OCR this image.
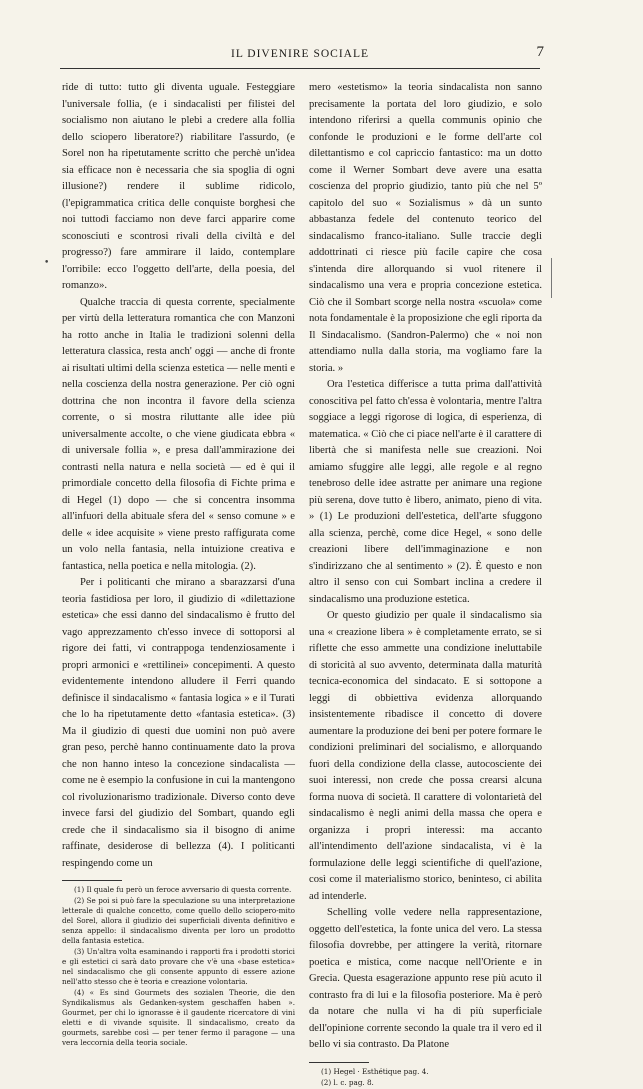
IL DIVENIRE SOCIALE	7
•

ride di tutto: tutto gli diventa uguale. Festeggiare l'universale follia, (e i sindacalisti per filistei del socialismo non aiutano le plebi a credere alla follia dello sciopero liberatore?) riabilitare l'assurdo, (e Sorel non ha ripetutamente scritto che perchè un'idea sia efficace non è necessaria che sia spoglia di ogni illusione?) rendere il sublime ridicolo, (l'epigrammatica critica delle conquiste borghesi che noi tuttodì facciamo non deve farci apparire come sconosciuti e scontrosi rivali della civiltà e del progresso?) fare ammirare il laido, contemplare l'orribile: ecco l'oggetto dell'arte, della poesia, del romanzo».

Qualche traccia di questa corrente, specialmente per virtù della letteratura romantica che con Manzoni ha rotto anche in Italia le tradizioni solenni della letteratura classica, resta anch' oggi — anche di fronte ai risultati ultimi della scienza estetica — nelle menti e nella coscienza della nostra generazione. Per ciò ogni dottrina che non incontra il favore della scienza corrente, o si mostra riluttante alle idee più universalmente accolte, o che viene giudicata ebbra « di universale follia », e presa dall'ammirazione dei contrasti nella natura e nella società — ed è qui il primordiale concetto della filosofia di Fichte prima e di Hegel (1) dopo — che si concentra insomma all'infuori della abituale sfera del « senso comune » e delle « idee acquisite » viene presto raffigurata come un volo nella fantasia, nella intuizione creativa e fantastica, nella poetica e nella mitologia. (2).

Per i politicanti che mirano a sbarazzarsi d'una teoria fastidiosa per loro, il giudizio di «dilettazione estetica» che essi danno del sindacalismo è frutto del vago apprezzamento ch'esso invece di sottoporsi al rigore dei fatti, vi contrappoga tendenziosamente i propri armonici e «rettilinei» concepimenti. A questo evidentemente intendono alludere il Ferri quando definisce il sindacalismo « fantasia logica » e il Turati che lo ha ripetutamente detto «fantasia estetica». (3) Ma il giudizio di questi due uomini non può avere gran peso, perchè hanno continuamente dato la prova che non hanno inteso la concezione sindacalista — come ne è esempio la confusione in cui la mantengono col rivoluzionarismo tradizionale. Diverso conto deve invece farsi del giudizio del Sombart, quando egli crede che il sindacalismo sia il bisogno di anime raffinate, desiderose di bellezza (4). I politicanti respingendo come un

(1) Il quale fu però un feroce avversario di questa corrente.

(2) Se poi si può fare la speculazione su una interpretazione letterale di qualche concetto, come quello dello sciopero-mito del Sorel, allora il giudizio dei superficiali diventa definitivo e senza appello: il sindacalismo diventa per loro un prodotto della fantasia estetica.

(3) Un'altra volta esaminando i rapporti fra i prodotti storici e gli estetici ci sarà dato provare che v'è una «base estetica» nel sindacalismo che gli consente appunto di essere azione nell'atto stesso che è teoria e creazione volontaria.

(4) « Es sind Gourmets des sozialen Theorie, die den Syndikalismus als Gedanken-system geschaffen haben ». Gourmet, per chi lo ignorasse è il gaudente ricercatore di vini eletti e di vivande squisite. Il sindacalismo, creato da gourmets, sarebbe così — per tener fermo il paragone — una vera leccornia della teoria sociale.

mero «estetismo» la teoria sindacalista non sanno precisamente la portata del loro giudizio, e solo intendono riferirsi a quella communis opinio che confonde le produzioni e le forme dell'arte col dilettantismo e col capriccio fantastico: ma un dotto come il Werner Sombart deve avere una esatta coscienza del proprio giudizio, tanto più che nel 5º capitolo del suo « Sozialismus » dà un sunto abbastanza fedele del contenuto teorico del sindacalismo franco-italiano. Sulle traccie degli addottrinati ci riesce più facile capire che cosa s'intenda dire allorquando si vuol ritenere il sindacalismo una vera e propria concezione estetica. Ciò che il Sombart scorge nella nostra «scuola» come nota fondamentale è la proposizione che egli riporta da Il Sindacalismo. (Sandron-Palermo) che « noi non attendiamo nulla dalla storia, ma vogliamo fare la storia. »

Ora l'estetica differisce a tutta prima dall'attività conoscitiva pel fatto ch'essa è volontaria, mentre l'altra soggiace a leggi rigorose di logica, di esperienza, di matematica. « Ciò che ci piace nell'arte è il carattere di libertà che si manifesta nelle sue creazioni. Noi amiamo sfuggire alle leggi, alle regole e al regno tenebroso delle idee astratte per animare una regione più serena, dove tutto è libero, animato, pieno di vita. » (1) Le produzioni dell'estetica, dell'arte sfuggono alla scienza, perchè, come dice Hegel, « sono delle creazioni libere dell'immaginazione e non s'indirizzano che al sentimento » (2). È questo e non altro il senso con cui Sombart inclina a credere il sindacalismo una produzione estetica.

Or questo giudizio per quale il sindacalismo sia una « creazione libera » è completamente errato, se si riflette che esso ammette una condizione ineluttabile di storicità al suo avvento, determinata dalla maturità tecnica-economica del sindacato. E si sottopone a leggi di obbiettiva evidenza allorquando insistentemente ribadisce il concetto di dovere aumentare la produzione dei beni per potere formare le condizioni preliminari del socialismo, e allorquando fuori della condizione della classe, autocosciente dei suoi interessi, non crede che possa crearsi alcuna forma nuova di società. Il carattere di volontarietà del sindacalismo è negli animi della massa che opera e organizza i propri interessi: ma accanto all'intendimento dell'azione sindacalista, vi è la formulazione delle leggi scientifiche di quell'azione, così come il materialismo storico, beninteso, ci abilita ad intenderle.

Schelling volle vedere nella rappresentazione, oggetto dell'estetica, la fonte unica del vero. La stessa filosofia dovrebbe, per attingere la verità, ritornare poetica e mistica, come nacque nell'Oriente e in Grecia. Questa esagerazione appunto rese più acuto il contrasto fra di lui e la filosofia posteriore. Ma è però da notare che nulla vi ha di più superficiale dell'opinione corrente secondo la quale tra il vero ed il bello vi sia contrasto. Da Platone

(1) Hegel · Esthétique pag. 4.

(2) l. c. pag. 8.
